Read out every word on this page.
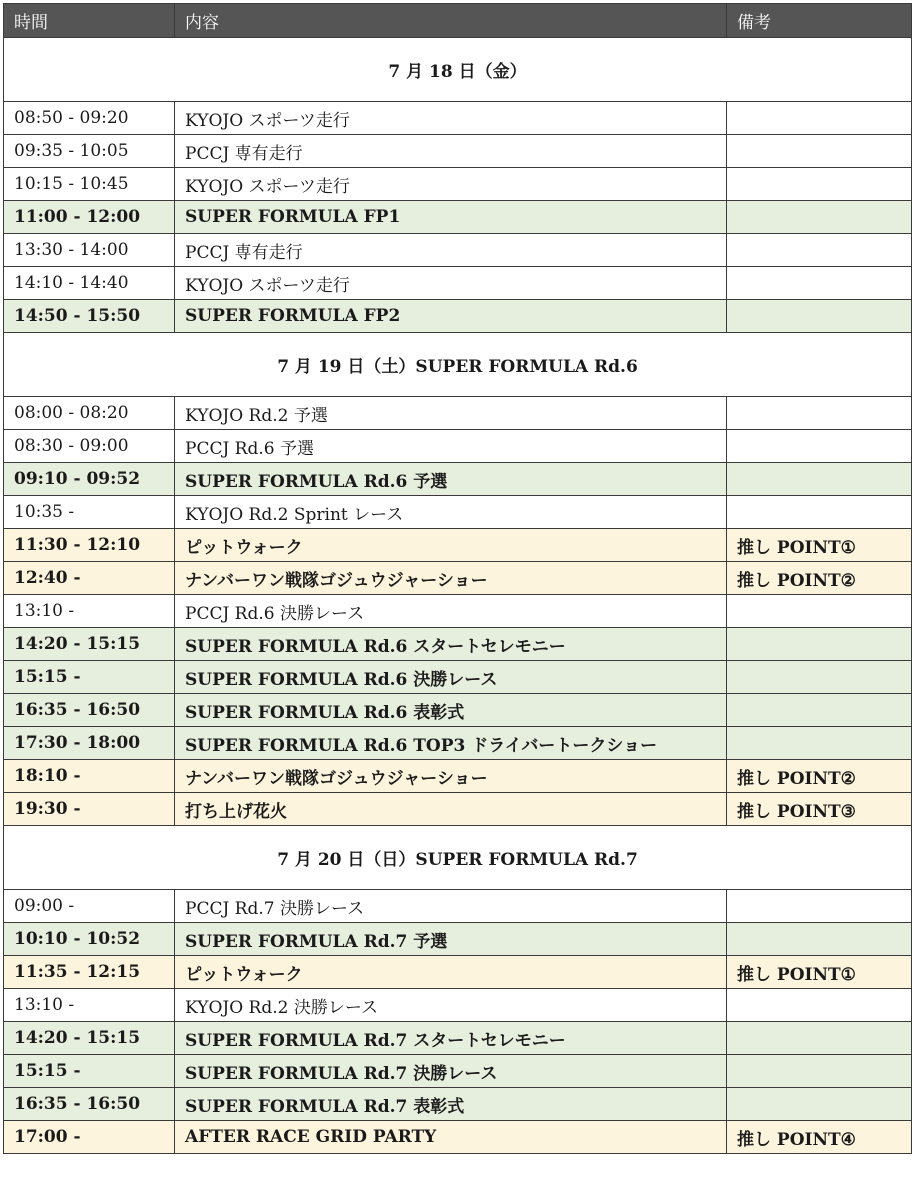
時間	内容	備考
7 月 18 日（金）		
08:50 - 09:20	KYOJO スポーツ走行	
09:35 - 10:05	PCCJ 専有走行	
10:15 - 10:45	KYOJO スポーツ走行	
11:00 - 12:00	SUPER FORMULA FP1	
13:30 - 14:00	PCCJ 専有走行	
14:10 - 14:40	KYOJO スポーツ走行	
14:50 - 15:50	SUPER FORMULA FP2	
7 月 19 日（土）SUPER FORMULA Rd.6		
08:00 - 08:20	KYOJO Rd.2 予選	
08:30 - 09:00	PCCJ Rd.6 予選	
09:10 - 09:52	SUPER FORMULA Rd.6 予選	
10:35 -	KYOJO Rd.2 Sprint レース	
11:30 - 12:10	ピットウォーク	推し POINT①
12:40 -	ナンバーワン戦隊ゴジュウジャーショー	推し POINT②
13:10 -	PCCJ Rd.6 決勝レース	
14:20 - 15:15	SUPER FORMULA Rd.6 スタートセレモニー	
15:15 -	SUPER FORMULA Rd.6 決勝レース	
16:35 - 16:50	SUPER FORMULA Rd.6 表彰式	
17:30 - 18:00	SUPER FORMULA Rd.6 TOP3 ドライバートークショー	
18:10 -	ナンバーワン戦隊ゴジュウジャーショー	推し POINT②
19:30 -	打ち上げ花火	推し POINT③
7 月 20 日（日）SUPER FORMULA Rd.7		
09:00 -	PCCJ Rd.7 決勝レース	
10:10 - 10:52	SUPER FORMULA Rd.7 予選	
11:35 - 12:15	ピットウォーク	推し POINT①
13:10 -	KYOJO Rd.2 決勝レース	
14:20 - 15:15	SUPER FORMULA Rd.7 スタートセレモニー	
15:15 -	SUPER FORMULA Rd.7 決勝レース	
16:35 - 16:50	SUPER FORMULA Rd.7 表彰式	
17:00 -	AFTER RACE GRID PARTY	推し POINT④
